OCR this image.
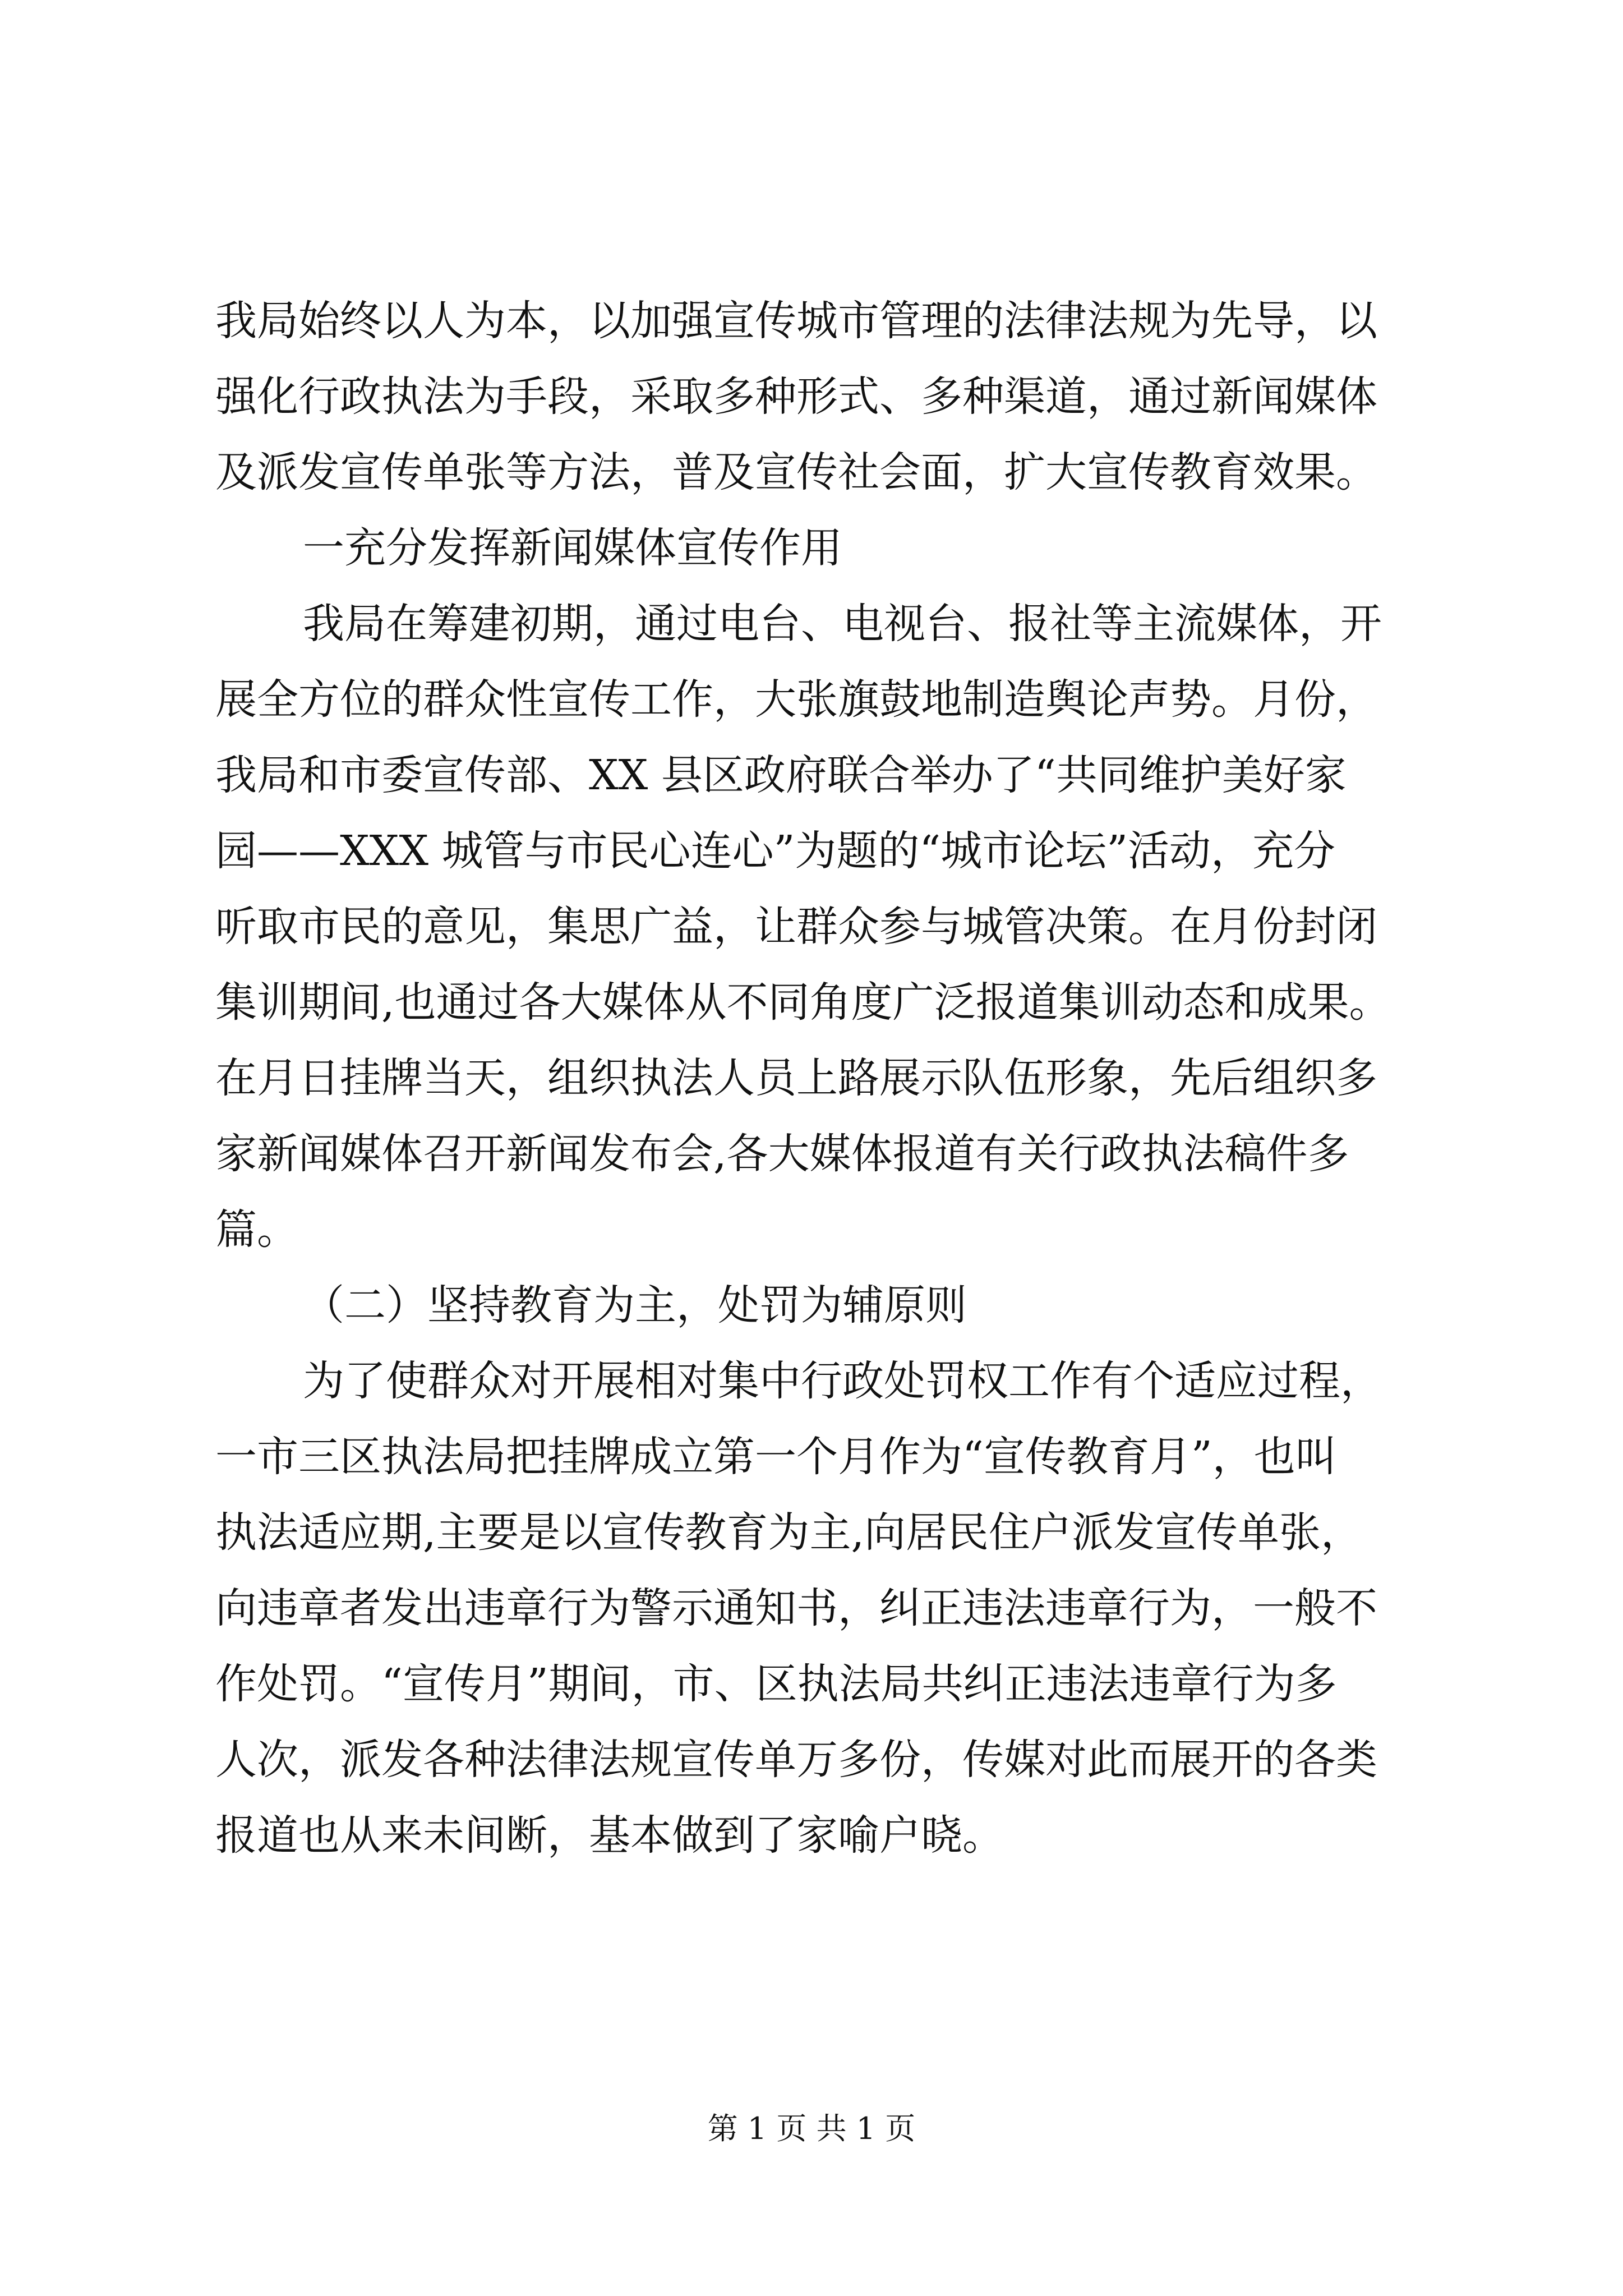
我局始终以人为本，以加强宣传城市管理的法律法规为先导，以
强化行政执法为手段，采取多种形式、多种渠道，通过新闻媒体
及派发宣传单张等方法，普及宣传社会面，扩大宣传教育效果。
一充分发挥新闻媒体宣传作用
我局在筹建初期，通过电台、电视台、报社等主流媒体，开
展全方位的群众性宣传工作，大张旗鼓地制造舆论声势。月份，
我局和市委宣传部、XX 县区政府联合举办了“共同维护美好家
园——XXX 城管与市民心连心”为题的“城市论坛”活动，充分
听取市民的意见，集思广益，让群众参与城管决策。在月份封闭
集训期间,也通过各大媒体从不同角度广泛报道集训动态和成果。
在月日挂牌当天，组织执法人员上路展示队伍形象，先后组织多
家新闻媒体召开新闻发布会,各大媒体报道有关行政执法稿件多
篇。
（二）坚持教育为主，处罚为辅原则
为了使群众对开展相对集中行政处罚权工作有个适应过程，
一市三区执法局把挂牌成立第一个月作为“宣传教育月”，也叫
执法适应期,主要是以宣传教育为主,向居民住户派发宣传单张，
向违章者发出违章行为警示通知书，纠正违法违章行为，一般不
作处罚。“宣传月”期间，市、区执法局共纠正违法违章行为多
人次，派发各种法律法规宣传单万多份，传媒对此而展开的各类
报道也从来未间断，基本做到了家喻户晓。
第 1 页 共 1 页
